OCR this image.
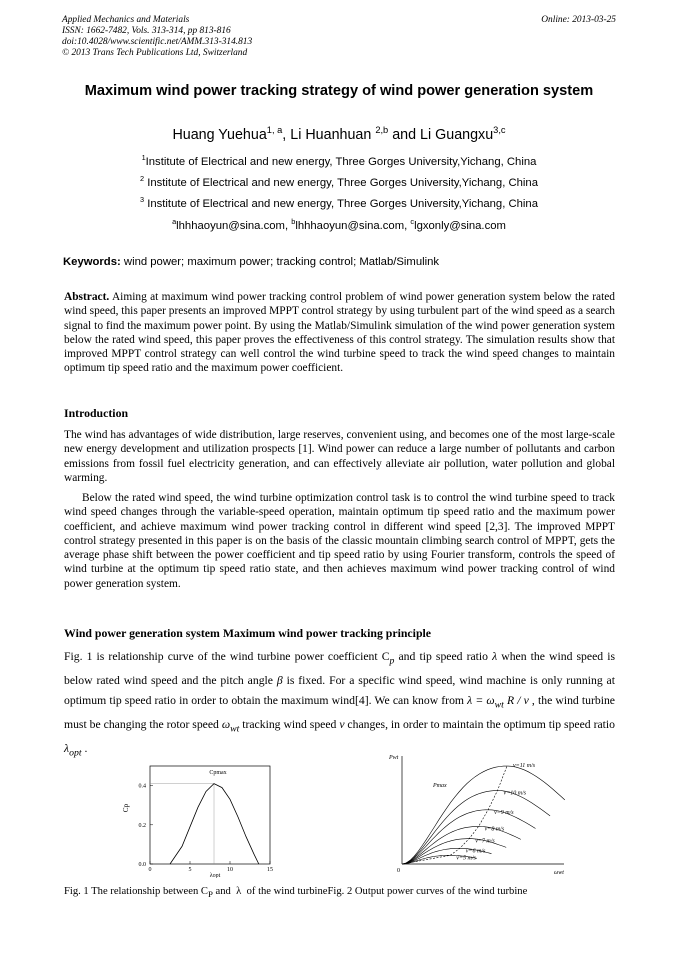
Applied Mechanics and Materials
ISSN: 1662-7482, Vols. 313-314, pp 813-816
doi:10.4028/www.scientific.net/AMM.313-314.813
© 2013 Trans Tech Publications Ltd, Switzerland
Online: 2013-03-25
Maximum wind power tracking strategy of wind power generation system
Huang Yuehua$^{1, a}$, Li Huanhuan $^{2,b}$ and Li Guangxu$^{3,c}$
$^1$Institute of Electrical and new energy, Three Gorges University,Yichang, China
$^2$ Institute of Electrical and new energy, Three Gorges University,Yichang, China
$^3$ Institute of Electrical and new energy, Three Gorges University,Yichang, China
$^a$lhhhaoyun@sina.com, $^b$lhhhaoyun@sina.com, $^c$lgxonly@sina.com
Keywords: wind power; maximum power; tracking control; Matlab/Simulink

Abstract. Aiming at maximum wind power tracking control problem of wind power generation system below the rated wind speed, this paper presents an improved MPPT control strategy by using turbulent part of the wind speed as a search signal to find the maximum power point. By using the Matlab/Simulink simulation of the wind power generation system below the rated wind speed, this paper proves the effectiveness of this control strategy. The simulation results show that improved MPPT control strategy can well control the wind turbine speed to track the wind speed changes to maintain optimum tip speed ratio and the maximum power coefficient.

Introduction

The wind has advantages of wide distribution, large reserves, convenient using, and becomes one of the most large-scale new energy development and utilization prospects [1]. Wind power can reduce a large number of pollutants and carbon emissions from fossil fuel electricity generation, and can effectively alleviate air pollution, water pollution and global warming.

Below the rated wind speed, the wind turbine optimization control task is to control the wind turbine speed to track wind speed changes through the variable-speed operation, maintain optimum tip speed ratio and the maximum power coefficient, and achieve maximum wind power tracking control in different wind speed [2,3]. The improved MPPT control strategy presented in this paper is on the basis of the classic mountain climbing search control of MPPT, gets the average phase shift between the power coefficient and tip speed ratio by using Fourier transform, controls the speed of wind turbine at the optimum tip speed ratio state, and then achieves maximum wind power tracking control of wind power generation system.

Wind power generation system Maximum wind power tracking principle

Fig. 1 is relationship curve of the wind turbine power coefficient $C_p$ and tip speed ratio λ when the wind speed is below rated wind speed and the pitch angle β is fixed. For a specific wind speed, wind machine is only running at optimum tip speed ratio in order to obtain the maximum wind[4]. We can know from $\lambda = \omega_{wt}$ R / v , the wind turbine must be changing the rotor speed $\omega_{wt}$ tracking wind speed v changes, in order to maintain the optimum tip speed ratio $\lambda_{opt}$ .

0	5	10	15
0.0
0.2
0.4
Cp
λopt
Cpmax
Pwt
ωwt
0
Pmax
v=5 m/s
v=6 m/s
v=7 m/s
v=8 m/s
v=9 m/s
v=10 m/s
v=11 m/s
Fig. 1 The relationship between $C_P$ and  λ  of the wind turbineFig. 2 Output power curves of the wind turbine
